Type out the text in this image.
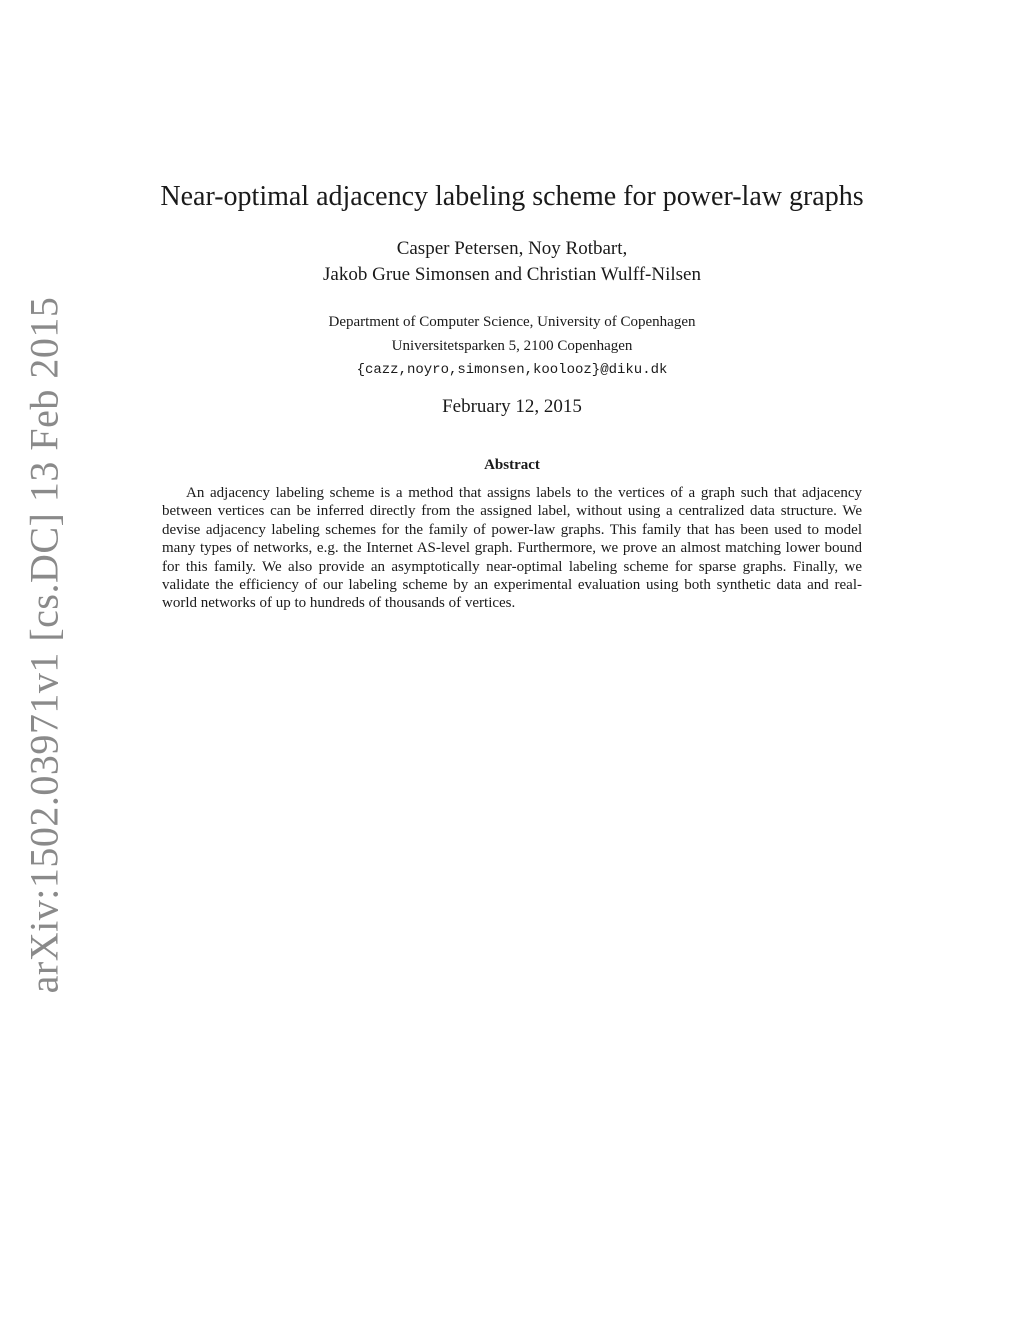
arXiv:1502.03971v1 [cs.DC] 13 Feb 2015
Near-optimal adjacency labeling scheme for power-law graphs
Casper Petersen, Noy Rotbart,
Jakob Grue Simonsen and Christian Wulff-Nilsen
Department of Computer Science, University of Copenhagen
Universitetsparken 5, 2100 Copenhagen
{cazz,noyro,simonsen,koolooz}@diku.dk
February 12, 2015
Abstract

An adjacency labeling scheme is a method that assigns labels to the vertices of a graph such that adjacency between vertices can be inferred directly from the assigned label, without using a centralized data structure. We devise adjacency labeling schemes for the family of power-law graphs. This family that has been used to model many types of networks, e.g. the Internet AS-level graph. Furthermore, we prove an almost matching lower bound for this family. We also provide an asymptotically near-optimal labeling scheme for sparse graphs. Finally, we validate the efficiency of our labeling scheme by an experimental evaluation using both synthetic data and real-world networks of up to hundreds of thousands of vertices.
